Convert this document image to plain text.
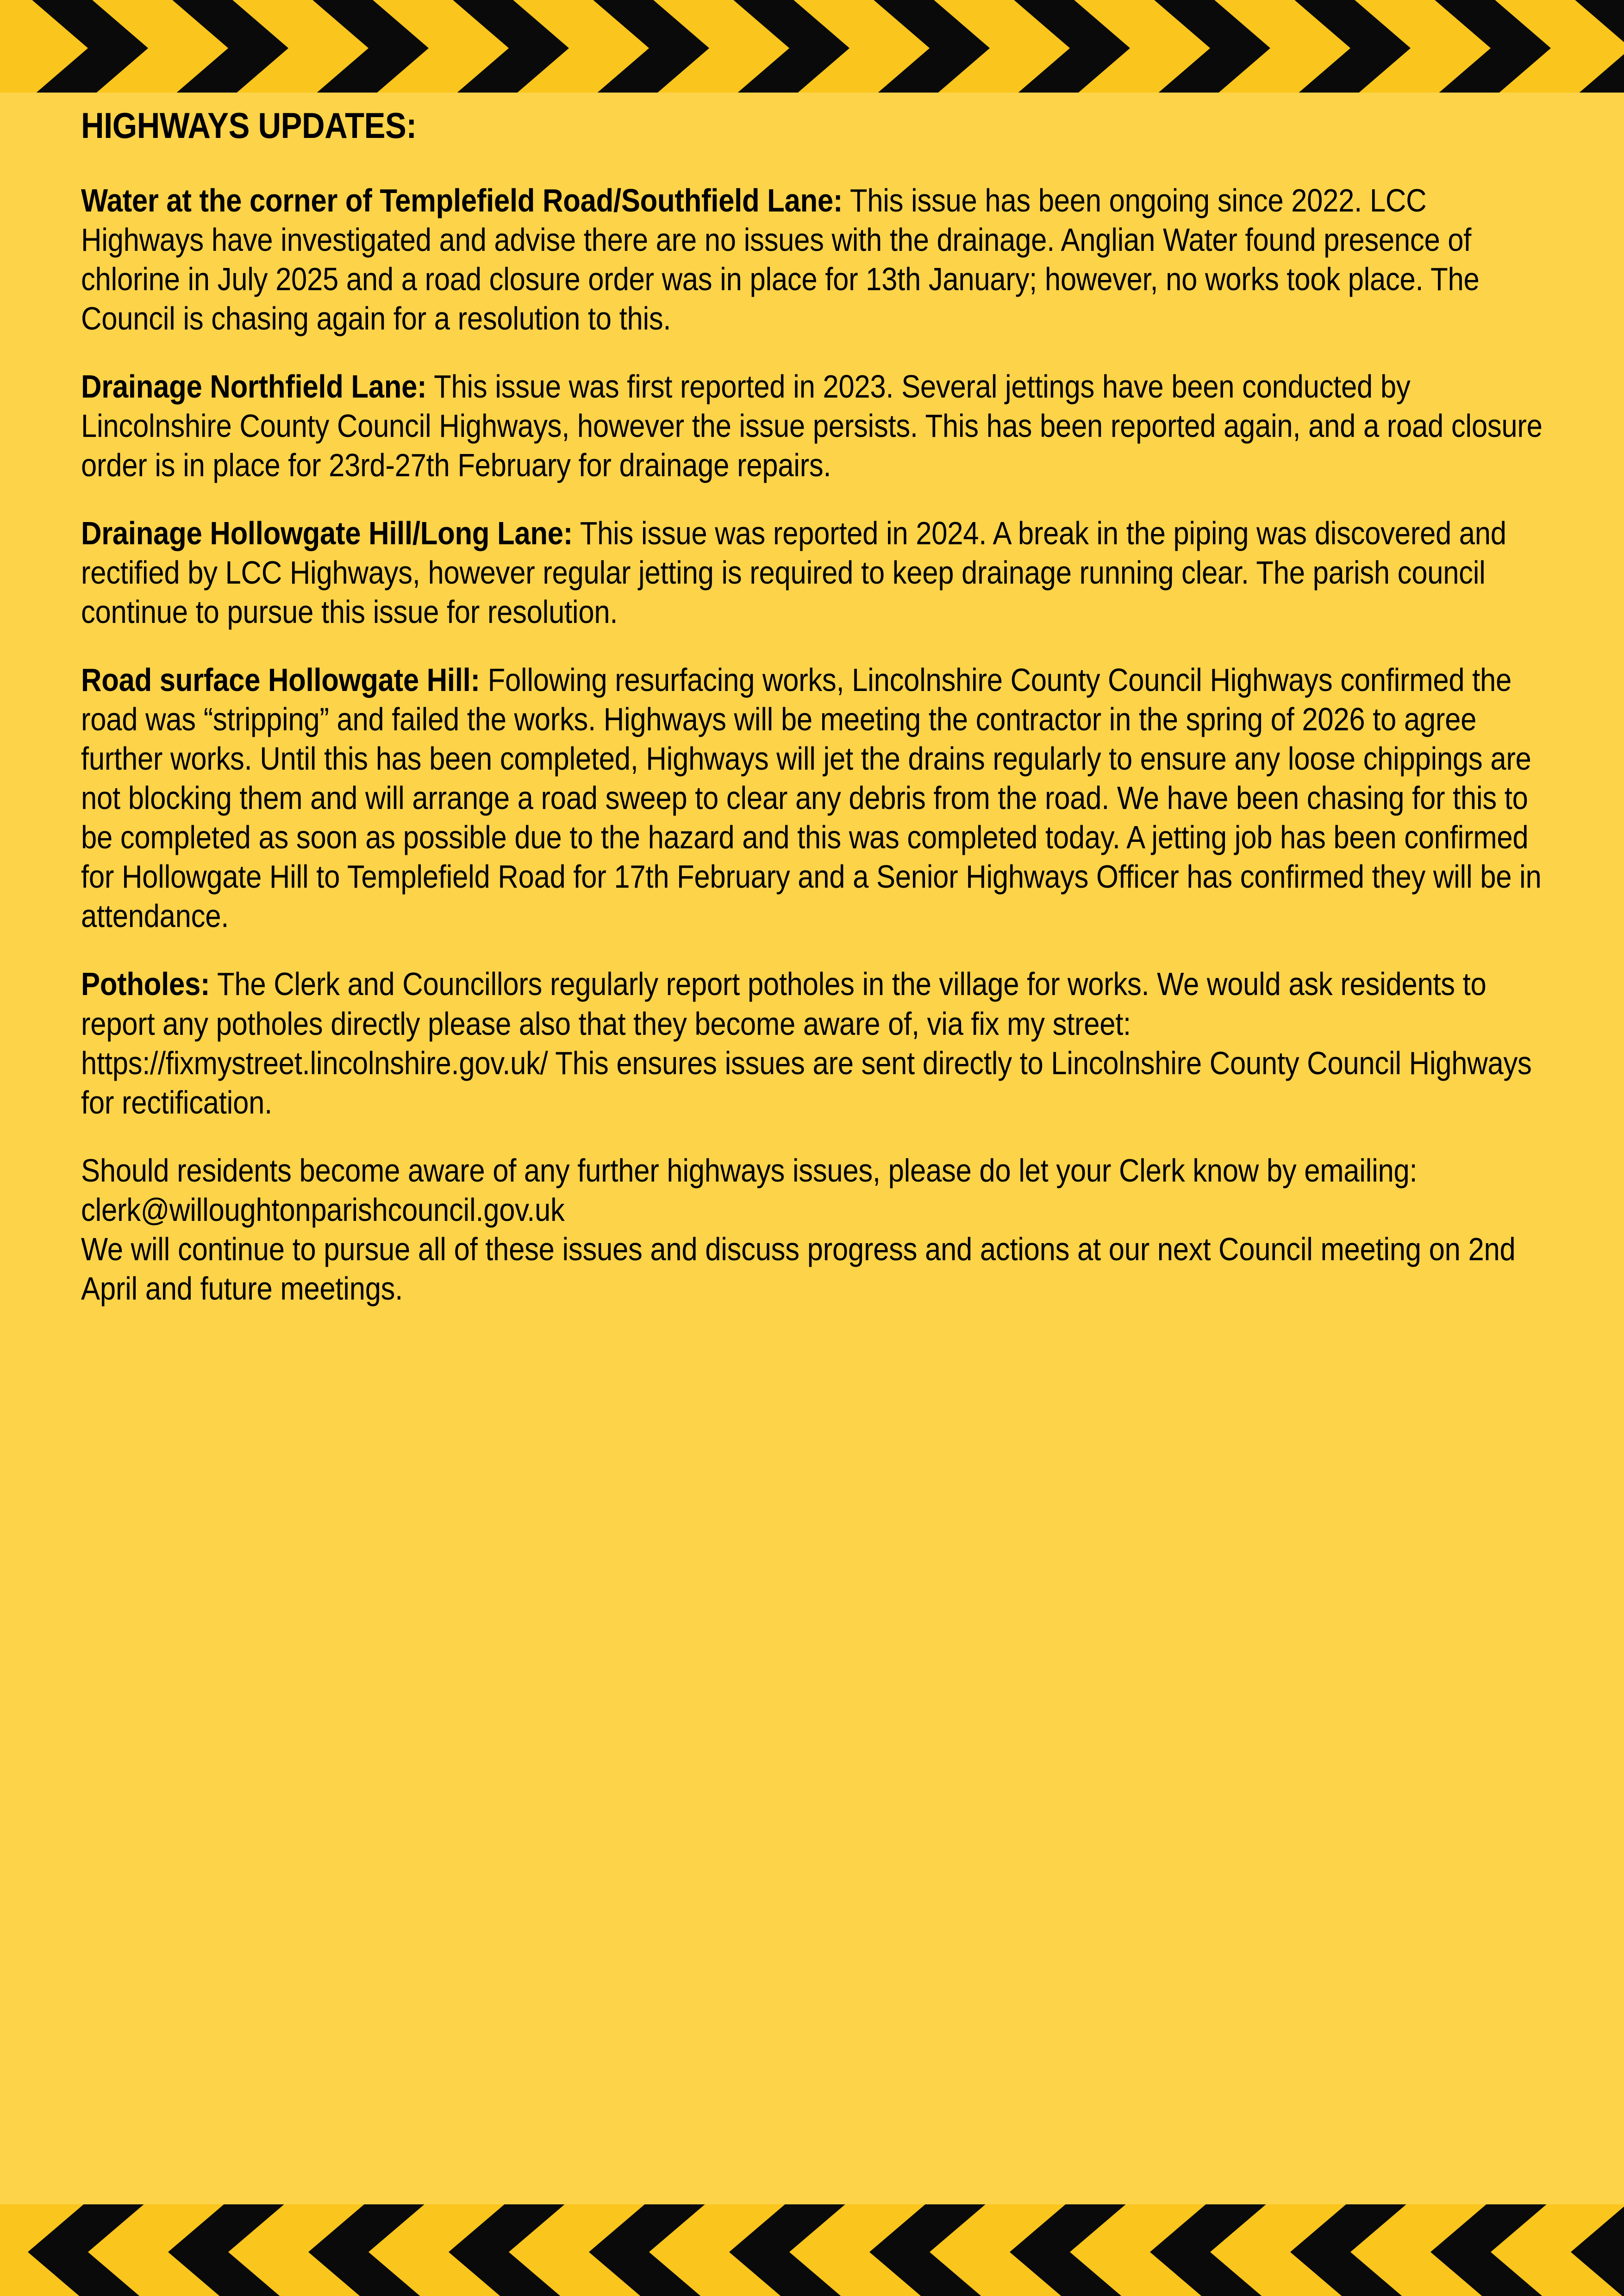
HIGHWAYS UPDATES:

Water at the corner of Templefield Road/Southfield Lane: This issue has been ongoing since 2022. LCC Highways have investigated and advise there are no issues with the drainage. Anglian Water found presence of chlorine in July 2025 and a road closure order was in place for 13th January; however, no works took place. The Council is chasing again for a resolution to this.

Drainage Northfield Lane: This issue was first reported in 2023. Several jettings have been conducted by Lincolnshire County Council Highways, however the issue persists. This has been reported again, and a road closure order is in place for 23rd-27th February for drainage repairs.

Drainage Hollowgate Hill/Long Lane: This issue was reported in 2024. A break in the piping was discovered and rectified by LCC Highways, however regular jetting is required to keep drainage running clear. The parish council continue to pursue this issue for resolution.

Road surface Hollowgate Hill: Following resurfacing works, Lincolnshire County Council Highways confirmed the road was “stripping” and failed the works. Highways will be meeting the contractor in the spring of 2026 to agree further works. Until this has been completed, Highways will jet the drains regularly to ensure any loose chippings are not blocking them and will arrange a road sweep to clear any debris from the road. We have been chasing for this to be completed as soon as possible due to the hazard and this was completed today. A jetting job has been confirmed for Hollowgate Hill to Templefield Road for 17th February and a Senior Highways Officer has confirmed they will be in attendance.

Potholes: The Clerk and Councillors regularly report potholes in the village for works. We would ask residents to report any potholes directly please also that they become aware of, via fix my street: https://fixmystreet.lincolnshire.gov.uk/ This ensures issues are sent directly to Lincolnshire County Council Highways for rectification.

Should residents become aware of any further highways issues, please do let your Clerk know by emailing: clerk@willoughtonparishcouncil.gov.uk

We will continue to pursue all of these issues and discuss progress and actions at our next Council meeting on 2nd April and future meetings.
